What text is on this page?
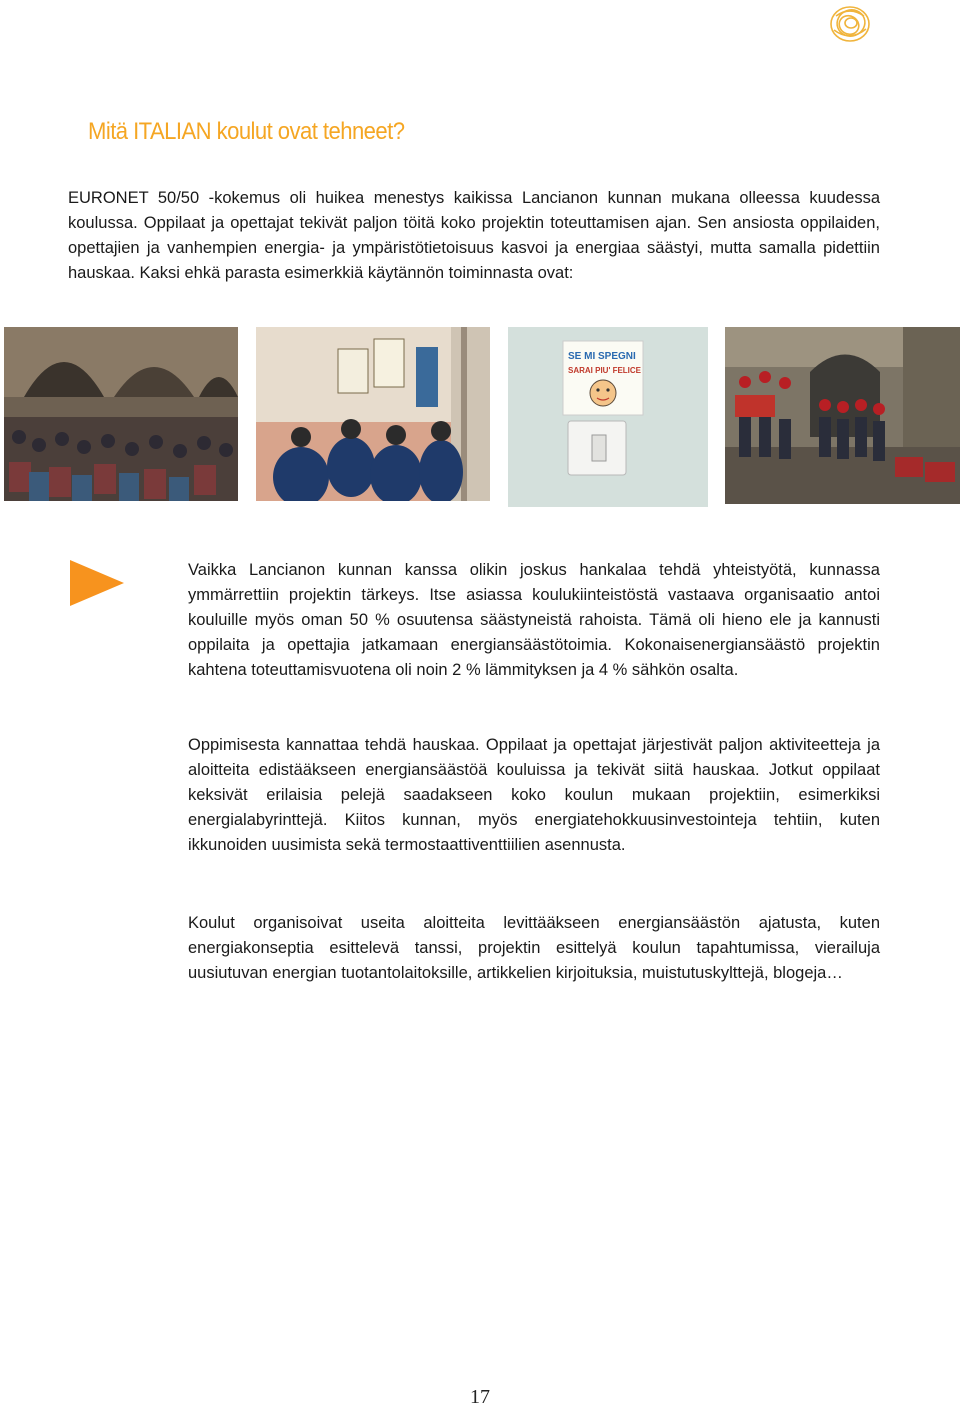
Mitä ITALIAN koulut ovat tehneet?

EURONET 50/50 -kokemus oli huikea menestys kaikissa Lancianon kunnan mukana olleessa kuudessa koulussa. Oppilaat ja opettajat tekivät paljon töitä koko projektin toteuttamisen ajan. Sen ansiosta oppilaiden, opettajien ja vanhempien energia- ja ympäristötietoisuus kasvoi ja energiaa säästyi, mutta samalla pidettiin hauskaa. Kaksi ehkä parasta esimerkkiä käytännön toiminnasta ovat:

SE MI SPEGNI
SARAI PIU' FELICE

Vaikka Lancianon kunnan kanssa olikin joskus hankalaa tehdä yhteistyötä, kunnassa ymmärrettiin projektin tärkeys. Itse asiassa koulukiinteistöstä vastaava organisaatio antoi kouluille myös oman 50 % osuutensa säästyneistä rahoista. Tämä oli hieno ele ja kannusti oppilaita ja opettajia jatkamaan energiansäästötoimia. Kokonaisenergiansäästö projektin kahtena toteuttamisvuotena oli noin 2 % lämmityksen ja 4 % sähkön osalta.

Oppimisesta kannattaa tehdä hauskaa. Oppilaat ja opettajat järjestivät paljon aktiviteetteja ja aloitteita edistääkseen energiansäästöä kouluissa ja tekivät siitä hauskaa. Jotkut oppilaat keksivät erilaisia pelejä saadakseen koko koulun mukaan projektiin, esimerkiksi energialabyrinttejä. Kiitos kunnan, myös energiatehokkuusinvestointeja tehtiin, kuten ikkunoiden uusimista sekä termostaattiventtiilien asennusta.

Koulut organisoivat useita aloitteita levittääkseen energiansäästön ajatusta, kuten energiakonseptia esittelevä tanssi, projektin esittelyä koulun tapahtumissa, vierailuja uusiutuvan energian tuotantolaitoksille, artikkelien kirjoituksia, muistutuskylttejä, blogeja…

17
